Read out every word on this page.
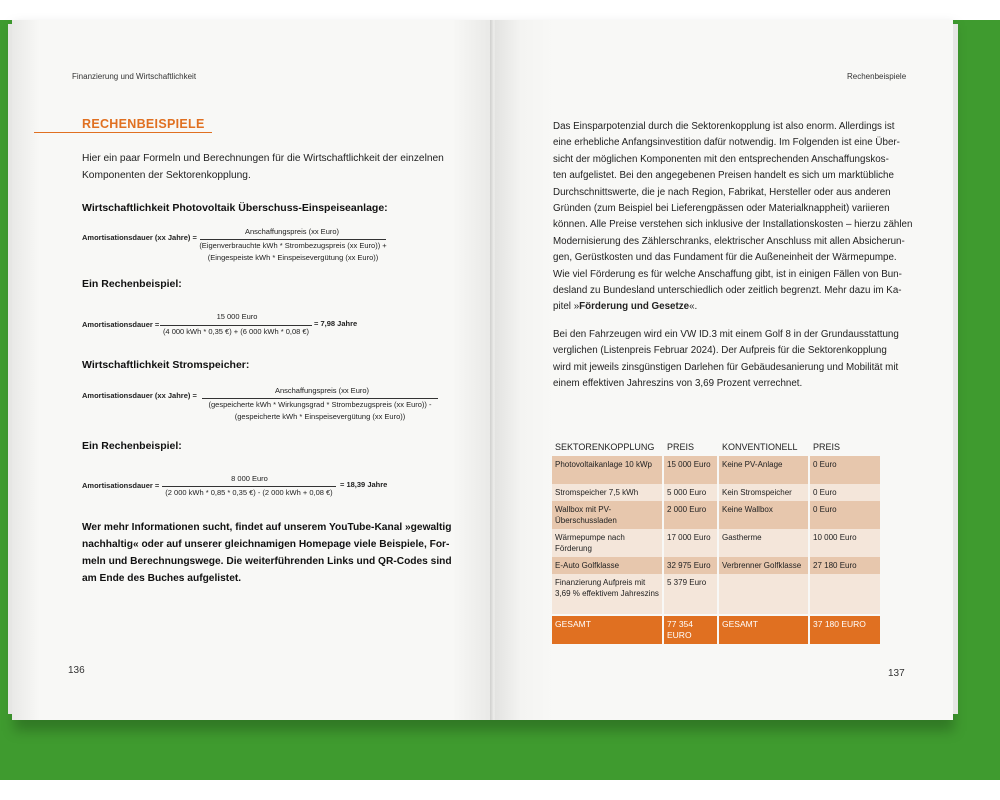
Finanzierung und Wirtschaftlichkeit
RECHENBEISPIELE
Hier ein paar Formeln und Berechnungen für die Wirtschaftlichkeit der einzelnen
Komponenten der Sektorenkopplung.
Wirtschaftlichkeit Photovoltaik Überschuss-Einspeiseanlage:
Amortisationsdauer (xx Jahre) =
Anschaffungspreis (xx Euro)
(Eigenverbrauchte kWh * Strombezugspreis (xx Euro)) +
(Eingespeiste kWh * Einspeisevergütung (xx Euro))
Ein Rechenbeispiel:
Amortisationsdauer =
15 000 Euro
(4 000 kWh * 0,35 €) + (6 000 kWh * 0,08 €)
= 7,98 Jahre
Wirtschaftlichkeit Stromspeicher:
Amortisationsdauer (xx Jahre) =
Anschaffungspreis (xx Euro)
(gespeicherte kWh * Wirkungsgrad * Strombezugspreis (xx Euro)) -
(gespeicherte kWh * Einspeisevergütung (xx Euro))
Ein Rechenbeispiel:
Amortisationsdauer =
8 000 Euro
(2 000 kWh * 0,85 * 0,35 €) - (2 000 kWh + 0,08 €)
= 18,39 Jahre
Wer mehr Informationen sucht, findet auf unserem YouTube-Kanal »gewaltig
nachhaltig« oder auf unserer gleichnamigen Homepage viele Beispiele, For-
meln und Berechnungswege. Die weiterführenden Links und QR-Codes sind
am Ende des Buches aufgelistet.
136
Rechenbeispiele
Das Einsparpotenzial durch die Sektorenkopplung ist also enorm. Allerdings ist
eine erhebliche Anfangsinvestition dafür notwendig. Im Folgenden ist eine Über-
sicht der möglichen Komponenten mit den entsprechenden Anschaffungskos-
ten aufgelistet. Bei den angegebenen Preisen handelt es sich um marktübliche
Durchschnittswerte, die je nach Region, Fabrikat, Hersteller oder aus anderen
Gründen (zum Beispiel bei Lieferengpässen oder Materialknappheit) variieren
können. Alle Preise verstehen sich inklusive der Installationskosten – hierzu zählen
Modernisierung des Zählerschranks, elektrischer Anschluss mit allen Absicherun-
gen, Gerüstkosten und das Fundament für die Außeneinheit der Wärmepumpe.
Wie viel Förderung es für welche Anschaffung gibt, ist in einigen Fällen von Bun-
desland zu Bundesland unterschiedlich oder zeitlich begrenzt. Mehr dazu im Ka-
pitel »Förderung und Gesetze«.
Bei den Fahrzeugen wird ein VW ID.3 mit einem Golf 8 in der Grundausstattung
verglichen (Listenpreis Februar 2024). Der Aufpreis für die Sektorenkopplung
wird mit jeweils zinsgünstigen Darlehen für Gebäudesanierung und Mobilität mit
einem effektiven Jahreszins von 3,69 Prozent verrechnet.
SEKTORENKOPPLUNG	PREIS	KONVENTIONELL	PREIS
Photovoltaikanlage 10 kWp	15 000 Euro	Keine PV-Anlage	0 Euro
Stromspeicher 7,5 kWh	5 000 Euro	Kein Stromspeicher	0 Euro
Wallbox mit PV-Überschussladen	2 000 Euro	Keine Wallbox	0 Euro
Wärmepumpe nach Förderung	17 000 Euro	Gastherme	10 000 Euro
E-Auto Golfklasse	32 975 Euro	Verbrenner Golfklasse	27 180 Euro
Finanzierung Aufpreis mit 3,69 % effektivem Jahreszins	5 379 Euro		

GESAMT	77 354 EURO	GESAMT	37 180 EURO
137
